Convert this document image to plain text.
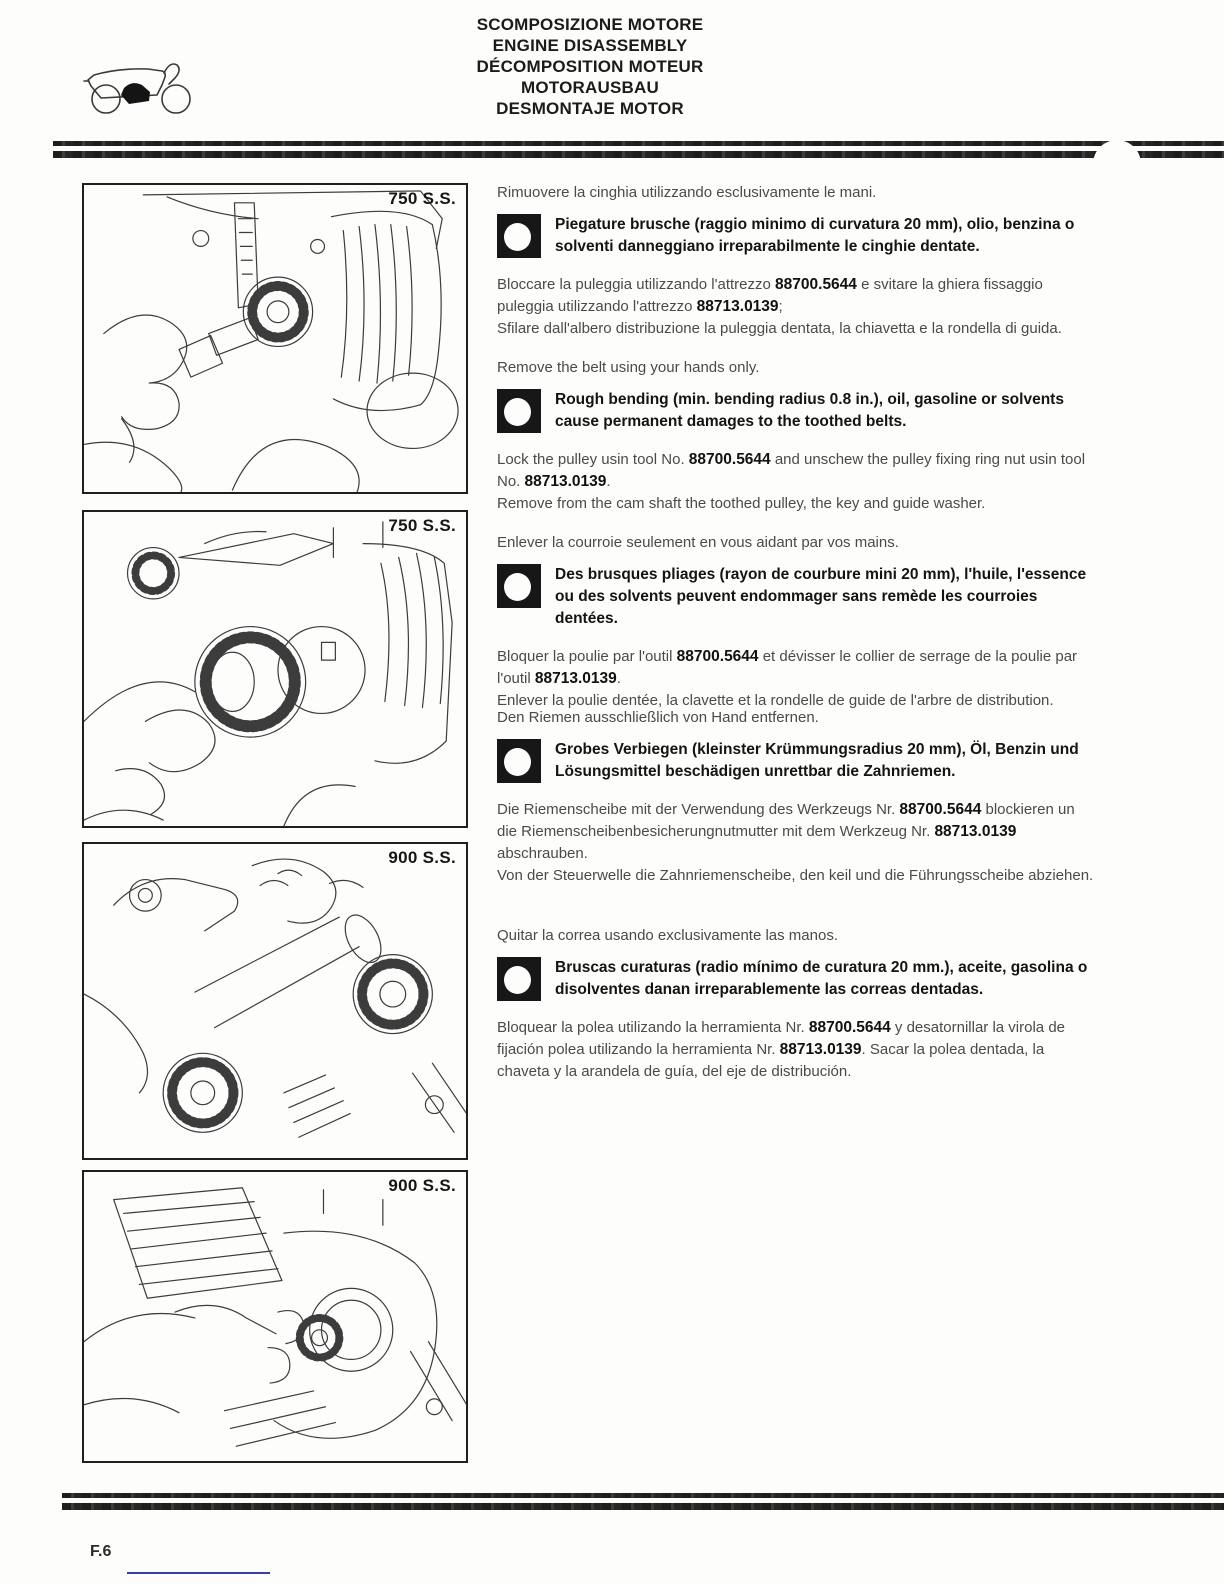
SCOMPOSIZIONE MOTORE
ENGINE DISASSEMBLY
DÉCOMPOSITION MOTEUR
MOTORAUSBAU
DESMONTAJE MOTOR
750 S.S.
750 S.S.
900 S.S.
900 S.S.

Rimuovere la cinghia utilizzando esclusivamente le mani.

Piegature brusche (raggio minimo di curvatura 20 mm), olio, benzina o solventi danneggiano irreparabilmente le cinghie dentate.

Bloccare la puleggia utilizzando l'attrezzo 88700.5644 e svitare la ghiera fissaggio puleggia utilizzando l'attrezzo 88713.0139;

Sfilare dall'albero distribuzione la puleggia dentata, la chiavetta e la rondella di guida.

Remove the belt using your hands only.

Rough bending (min. bending radius 0.8 in.), oil, gasoline or solvents cause permanent damages to the toothed belts.

Lock the pulley usin tool No. 88700.5644 and unschew the pulley fixing ring nut usin tool No. 88713.0139.

Remove from the cam shaft the toothed pulley, the key and guide washer.

Enlever la courroie seulement en vous aidant par vos mains.

Des brusques pliages (rayon de courbure mini 20 mm), l'huile, l'essence ou des solvents peuvent endommager sans remède les courroies dentées.

Bloquer la poulie par l'outil 88700.5644 et dévisser le collier de serrage de la poulie par l'outil 88713.0139.

Enlever la poulie dentée, la clavette et la rondelle de guide de l'arbre de distribution.

Den Riemen ausschließlich von Hand entfernen.

Grobes Verbiegen (kleinster Krümmungsradius 20 mm), Öl, Benzin und Lösungsmittel beschädigen unrettbar die Zahnriemen.

Die Riemenscheibe mit der Verwendung des Werkzeugs Nr. 88700.5644 blockieren un die Riemenscheibenbesicherungnutmutter mit dem Werkzeug Nr. 88713.0139 abschrauben.

Von der Steuerwelle die Zahnriemenscheibe, den keil und die Führungsscheibe abziehen.

Quitar la correa usando exclusivamente las manos.

Bruscas curaturas (radio mínimo de curatura 20 mm.), aceite, gasolina o disolventes danan irreparablemente las correas dentadas.

Bloquear la polea utilizando la herramienta Nr. 88700.5644 y desatornillar la virola de fijación polea utilizando la herramienta Nr. 88713.0139. Sacar la polea dentada, la chaveta y la arandela de guía, del eje de distribución.

F.6
